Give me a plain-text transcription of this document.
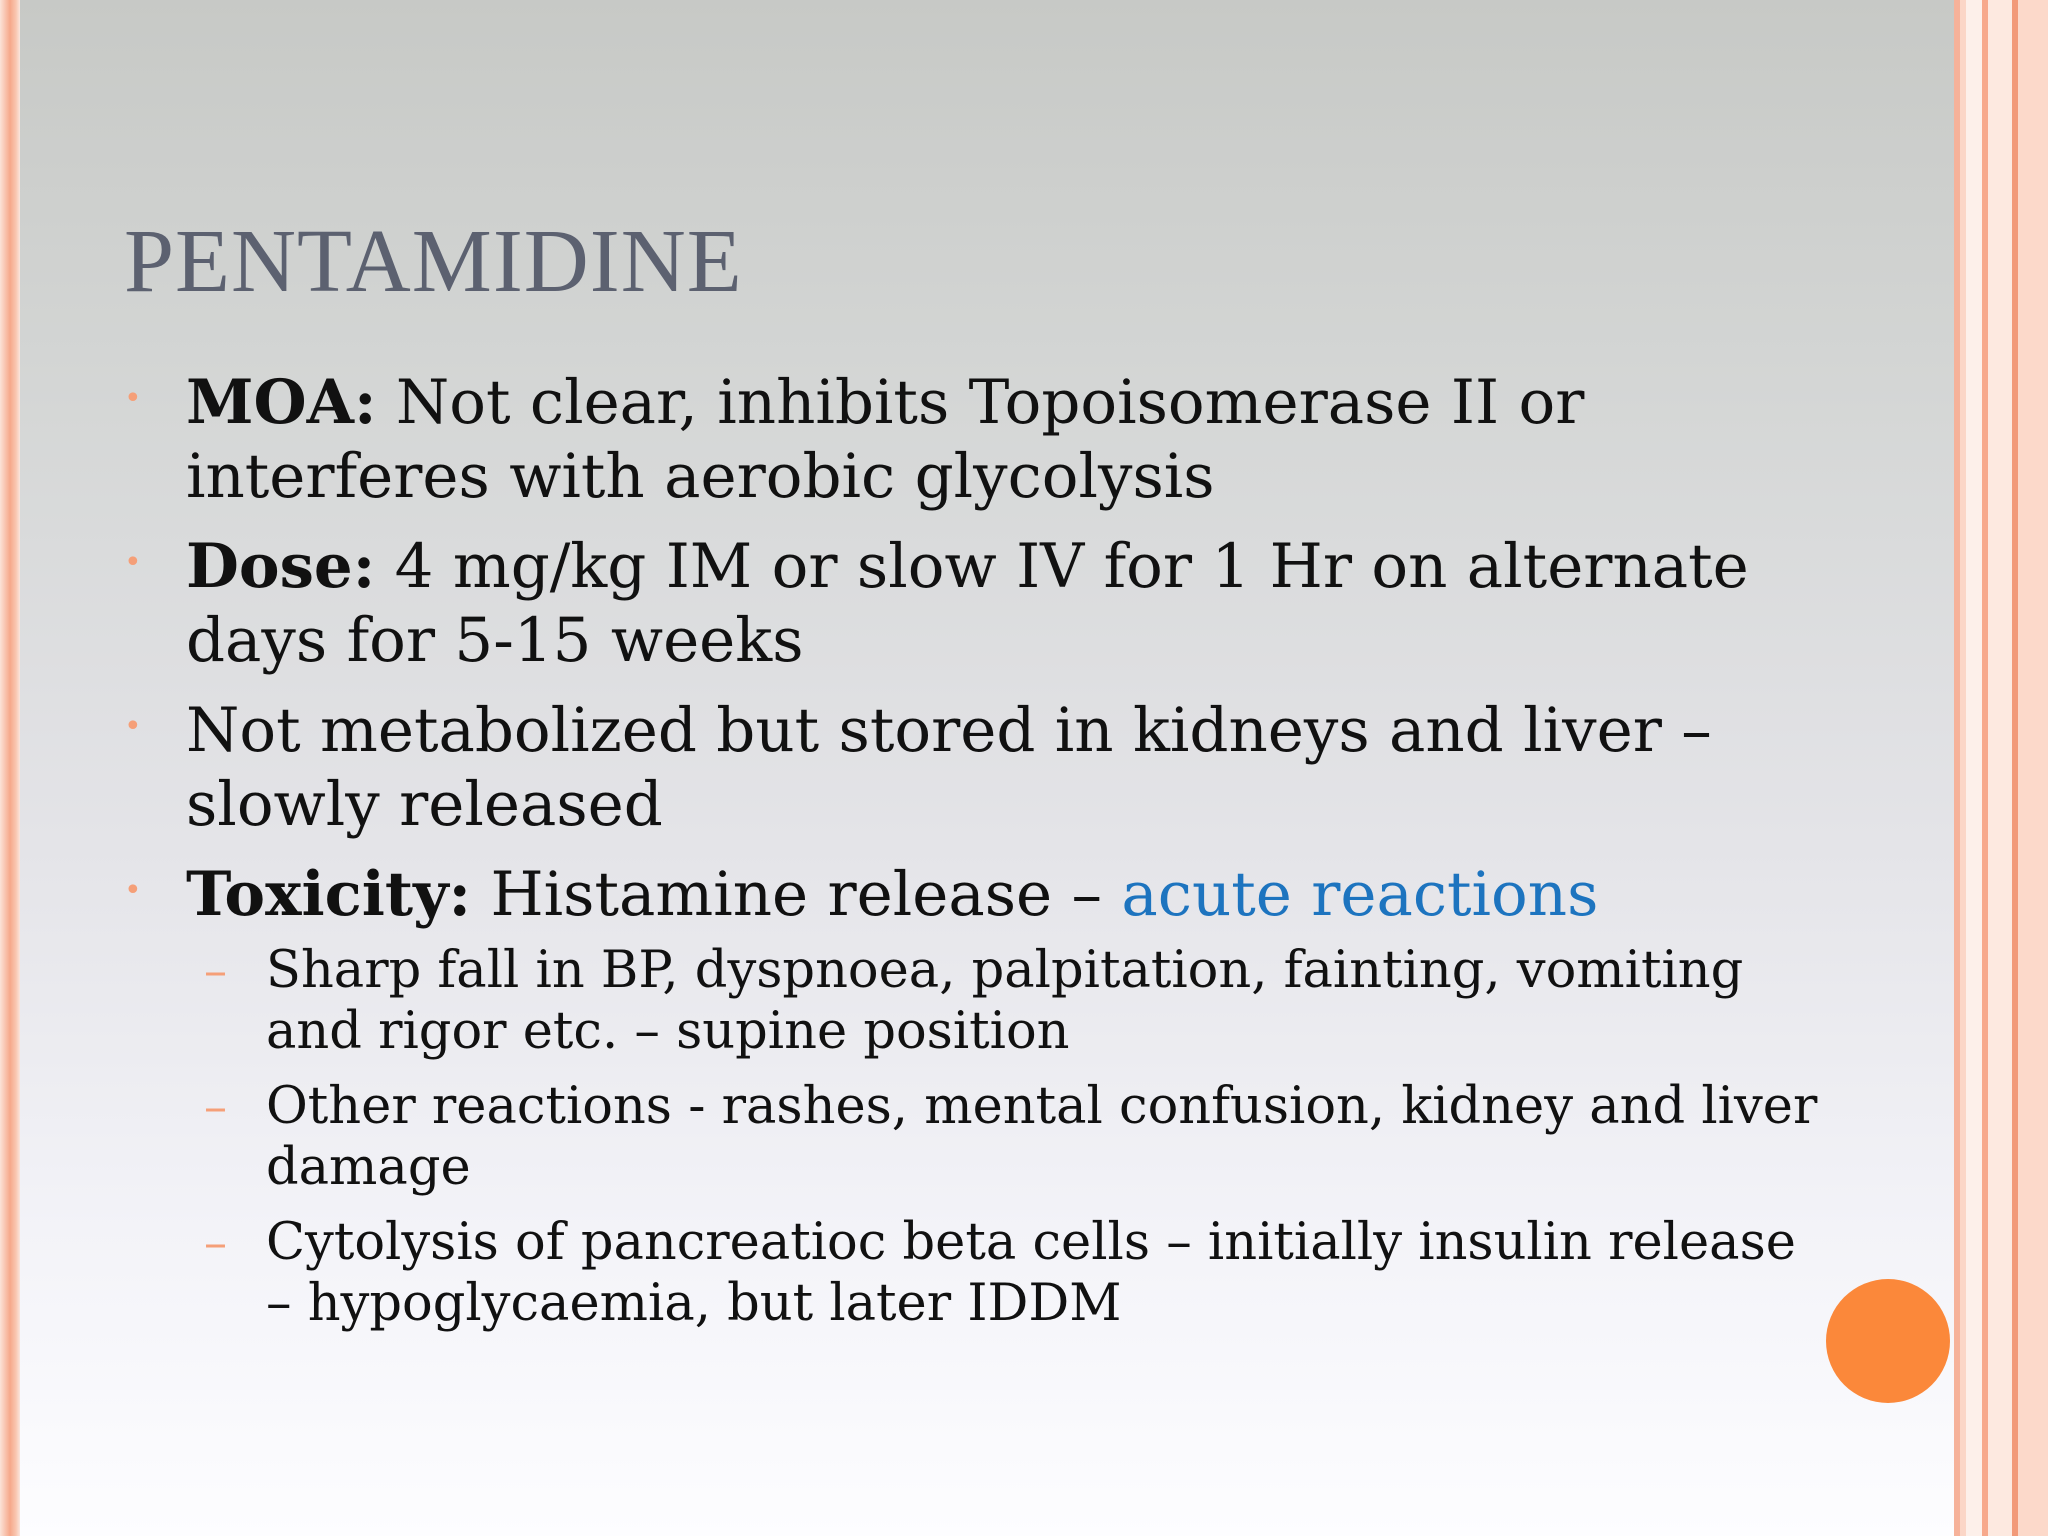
PENTAMIDINE
• MOA: Not clear, inhibits Topoisomerase II or interferes with aerobic glycolysis
• Dose: 4 mg/kg IM or slow IV for 1 Hr on alternate days for 5-15 weeks
• Not metabolized but stored in kidneys and liver – slowly released
• Toxicity: Histamine release – acute reactions
– Sharp fall in BP, dyspnoea, palpitation, fainting, vomiting and rigor etc. – supine position
– Other reactions - rashes, mental confusion, kidney and liver damage
– Cytolysis of pancreatioc beta cells – initially insulin release – hypoglycaemia, but later IDDM
